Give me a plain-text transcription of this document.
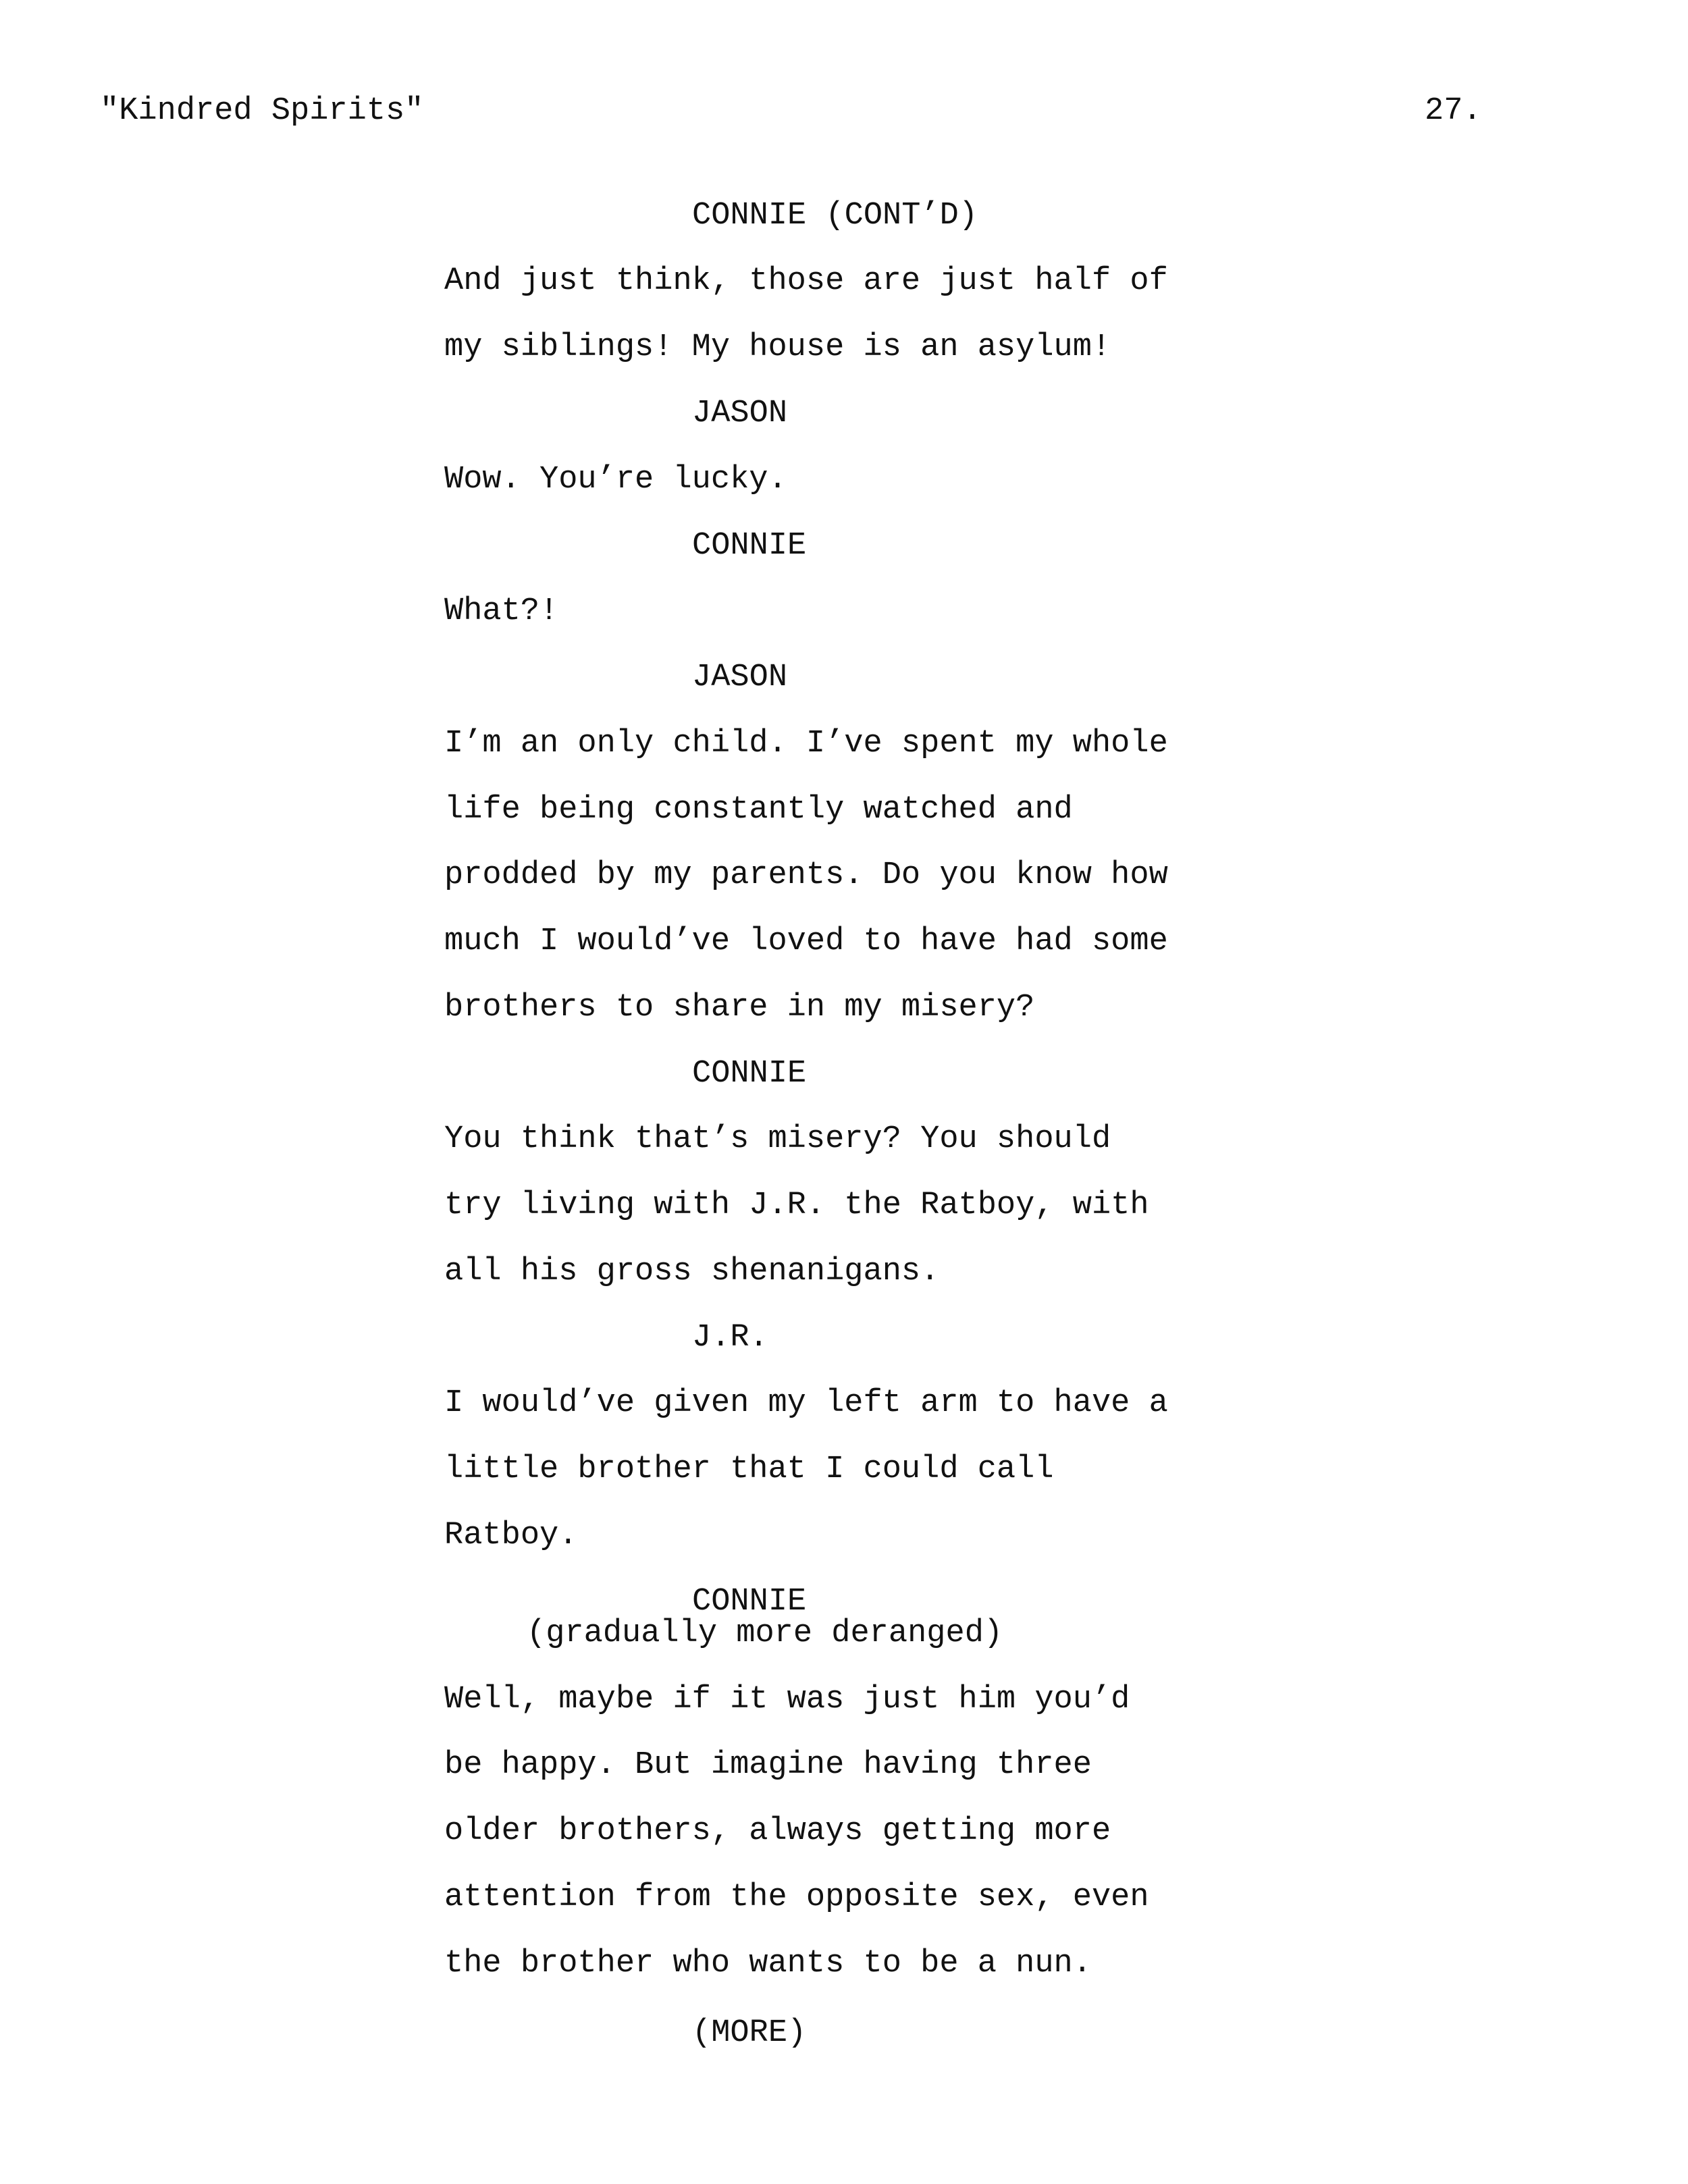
"Kindred Spirits"	27.
CONNIE (CONT’D)
And just think, those are just half of
my siblings! My house is an asylum!
JASON
Wow. You’re lucky.
CONNIE
What?!
JASON
I’m an only child. I’ve spent my whole
life being constantly watched and
prodded by my parents. Do you know how
much I would’ve loved to have had some
brothers to share in my misery?
CONNIE
You think that’s misery? You should
try living with J.R. the Ratboy, with
all his gross shenanigans.
J.R.
I would’ve given my left arm to have a
little brother that I could call
Ratboy.
CONNIE
(gradually more deranged)
Well, maybe if it was just him you’d
be happy. But imagine having three
older brothers, always getting more
attention from the opposite sex, even
the brother who wants to be a nun.
(MORE)
